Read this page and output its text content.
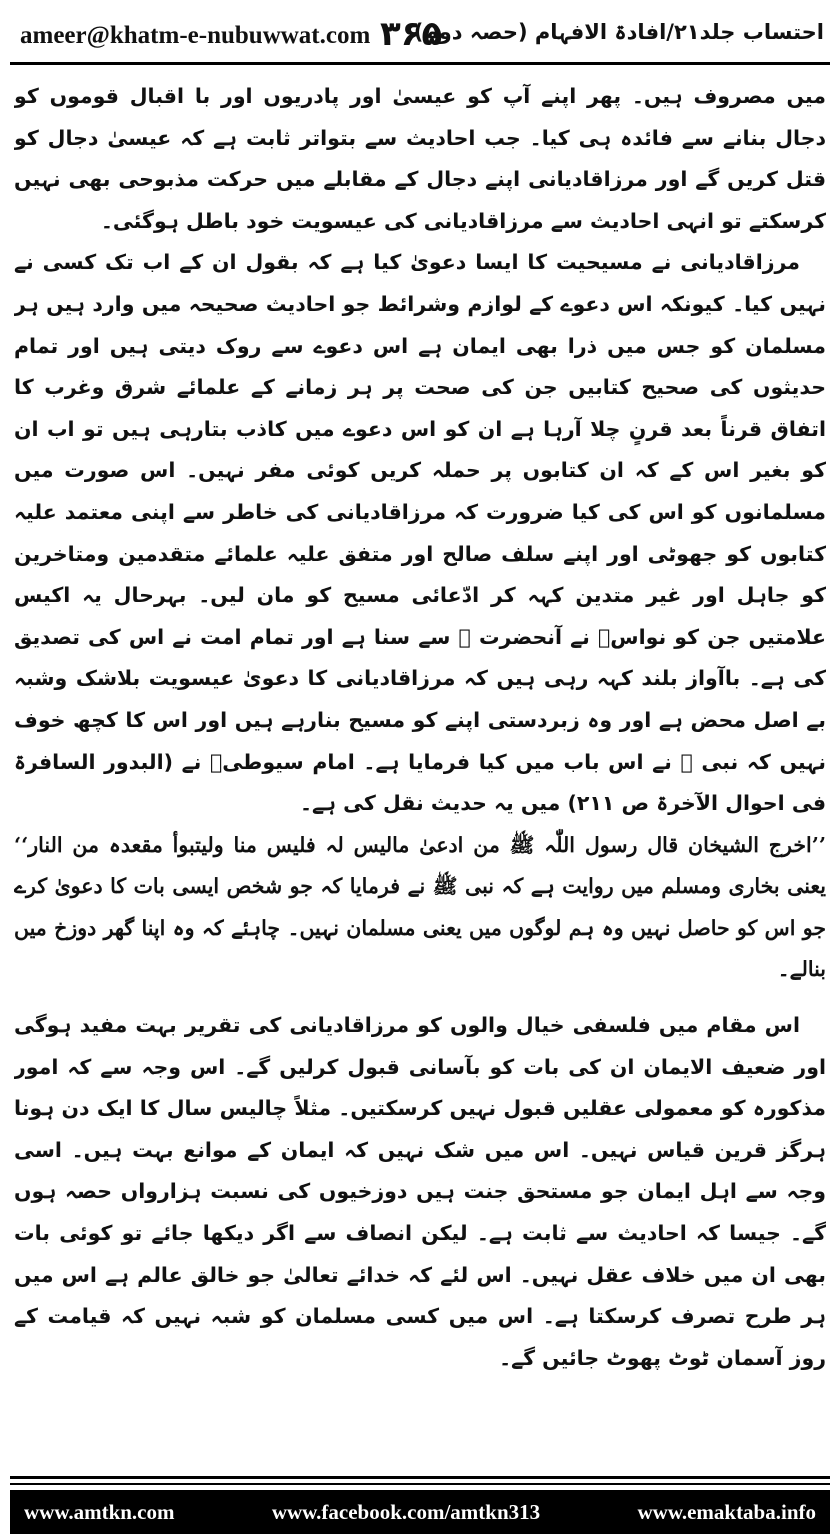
ameer@khatm-e-nubuwwat.com ۳۶۵
احتساب جلد۲۱/افادۃ الافہام (حصہ دوم)

میں مصروف ہیں۔ پھر اپنے آپ کو عیسیٰ اور پادریوں اور با اقبال قوموں کو دجال بنانے سے فائدہ ہی کیا۔ جب احادیث سے بتواتر ثابت ہے کہ عیسیٰ دجال کو قتل کریں گے اور مرزاقادیانی اپنے دجال کے مقابلے میں حرکت مذبوحی بھی نہیں کرسکتے تو انہی احادیث سے مرزاقادیانی کی عیسویت خود باطل ہوگئی۔

مرزاقادیانی نے مسیحیت کا ایسا دعویٰ کیا ہے کہ بقول ان کے اب تک کسی نے نہیں کیا۔ کیونکہ اس دعوے کے لوازم وشرائط جو احادیث صحیحہ میں وارد ہیں ہر مسلمان کو جس میں ذرا بھی ایمان ہے اس دعوے سے روک دیتی ہیں اور تمام حدیثوں کی صحیح کتابیں جن کی صحت پر ہر زمانے کے علمائے شرق وغرب کا اتفاق قرناً بعد قرنٍ چلا آرہا ہے ان کو اس دعوے میں کاذب بتارہی ہیں تو اب ان کو بغیر اس کے کہ ان کتابوں پر حملہ کریں کوئی مفر نہیں۔ اس صورت میں مسلمانوں کو اس کی کیا ضرورت کہ مرزاقادیانی کی خاطر سے اپنی معتمد علیہ کتابوں کو جھوٹی اور اپنے سلف صالح اور متفق علیہ علمائے متقدمین ومتاخرین کو جاہل اور غیر متدین کہہ کر ادّعائی مسیح کو مان لیں۔ بہرحال یہ اکیس علامتیں جن کو نواسؓ نے آنحضرت ﷺ سے سنا ہے اور تمام امت نے اس کی تصدیق کی ہے۔ باآواز بلند کہہ رہی ہیں کہ مرزاقادیانی کا دعویٰ عیسویت بلاشک وشبہ بے اصل محض ہے اور وہ زبردستی اپنے کو مسیح بنارہے ہیں اور اس کا کچھ خوف نہیں کہ نبی ﷺ نے اس باب میں کیا فرمایا ہے۔ امام سیوطیؒ نے (البدور السافرۃ فی احوال الآخرۃ ص ۲۱۱) میں یہ حدیث نقل کی ہے۔

’’اخرج الشیخان قال رسول اللّٰہ ﷺ من ادعیٰ مالیس لہ فلیس منا ولیتبوأ مقعدہ من النار‘‘ یعنی بخاری ومسلم میں روایت ہے کہ نبی ﷺ نے فرمایا کہ جو شخص ایسی بات کا دعویٰ کرے جو اس کو حاصل نہیں وہ ہم لوگوں میں یعنی مسلمان نہیں۔ چاہئے کہ وہ اپنا گھر دوزخ میں بنالے۔

اس مقام میں فلسفی خیال والوں کو مرزاقادیانی کی تقریر بہت مفید ہوگی اور ضعیف الایمان ان کی بات کو بآسانی قبول کرلیں گے۔ اس وجہ سے کہ امور مذکورہ کو معمولی عقلیں قبول نہیں کرسکتیں۔ مثلاً چالیس سال کا ایک دن ہونا ہرگز قرین قیاس نہیں۔ اس میں شک نہیں کہ ایمان کے موانع بہت ہیں۔ اسی وجہ سے اہل ایمان جو مستحق جنت ہیں دوزخیوں کی نسبت ہزارواں حصہ ہوں گے۔ جیسا کہ احادیث سے ثابت ہے۔ لیکن انصاف سے اگر دیکھا جائے تو کوئی بات بھی ان میں خلاف عقل نہیں۔ اس لئے کہ خدائے تعالیٰ جو خالق عالم ہے اس میں ہر طرح تصرف کرسکتا ہے۔ اس میں کسی مسلمان کو شبہ نہیں کہ قیامت کے روز آسمان ٹوٹ پھوٹ جائیں گے۔

www.amtkn.com	www.facebook.com/amtkn313	www.emaktaba.info
